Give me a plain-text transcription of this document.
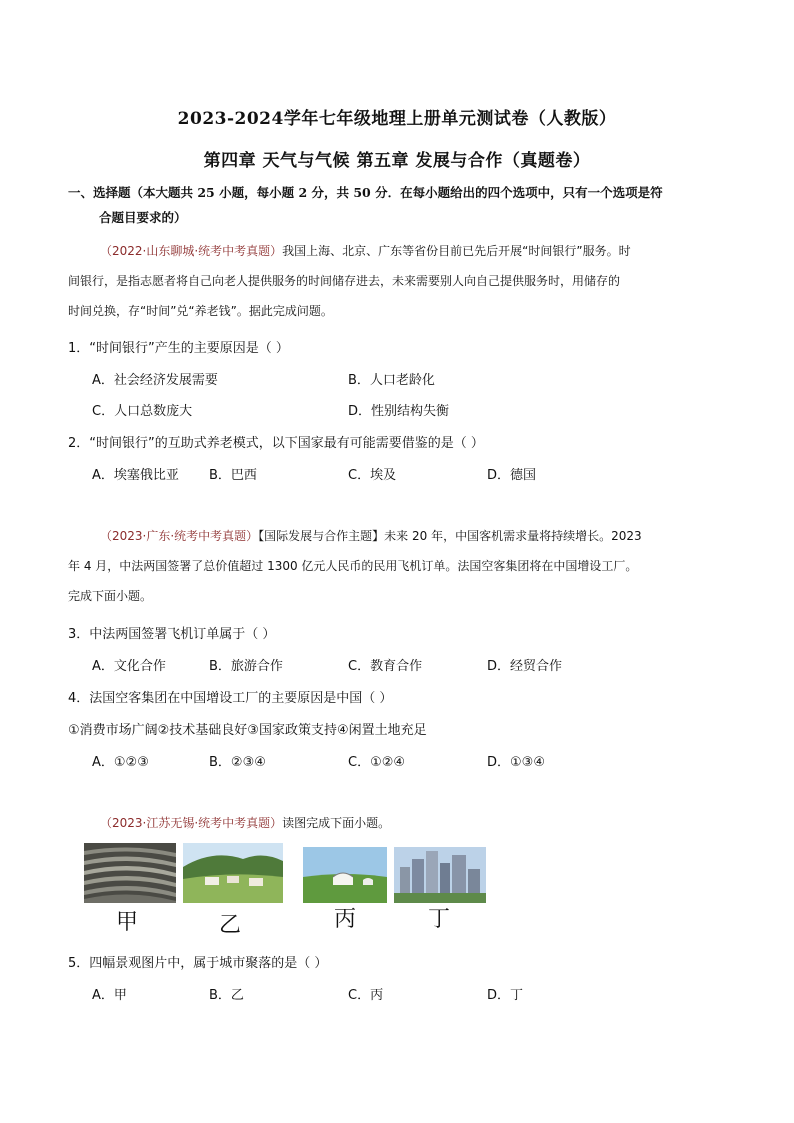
2023-2024学年七年级地理上册单元测试卷（人教版）
第四章 天气与气候 第五章 发展与合作（真题卷）
一、选择题（本大题共 25 小题，每小题 2 分，共 50 分．在每小题给出的四个选项中，只有一个选项是符
合题目要求的）
（2022·山东聊城·统考中考真题）我国上海、北京、广东等省份目前已先后开展“时间银行”服务。时
间银行，是指志愿者将自己向老人提供服务的时间储存进去，未来需要别人向自己提供服务时，用储存的
时间兑换，存“时间”兑“养老钱”。据此完成问题。
1．“时间银行”产生的主要原因是（ ）
A．社会经济发展需要	B．人口老龄化
C．人口总数庞大	D．性别结构失衡
2．“时间银行”的互助式养老模式，以下国家最有可能需要借鉴的是（ ）
A．埃塞俄比亚 B．巴西	C．埃及	D．德国
（2023·广东·统考中考真题）【国际发展与合作主题】未来 20 年，中国客机需求量将持续增长。2023
年 4 月，中法两国签署了总价值超过 1300 亿元人民币的民用飞机订单。法国空客集团将在中国增设工厂。
完成下面小题。
3．中法两国签署飞机订单属于（ ）
A．文化合作	B．旅游合作	C．教育合作	D．经贸合作
4．法国空客集团在中国增设工厂的主要原因是中国（ ）
①消费市场广阔②技术基础良好③国家政策支持④闲置土地充足
A．①②③	B．②③④	C．①②④	D．①③④
（2023·江苏无锡·统考中考真题）读图完成下面小题。
甲	乙	丙	丁
5．四幅景观图片中，属于城市聚落的是（ ）
A．甲	B．乙	C．丙	D．丁
